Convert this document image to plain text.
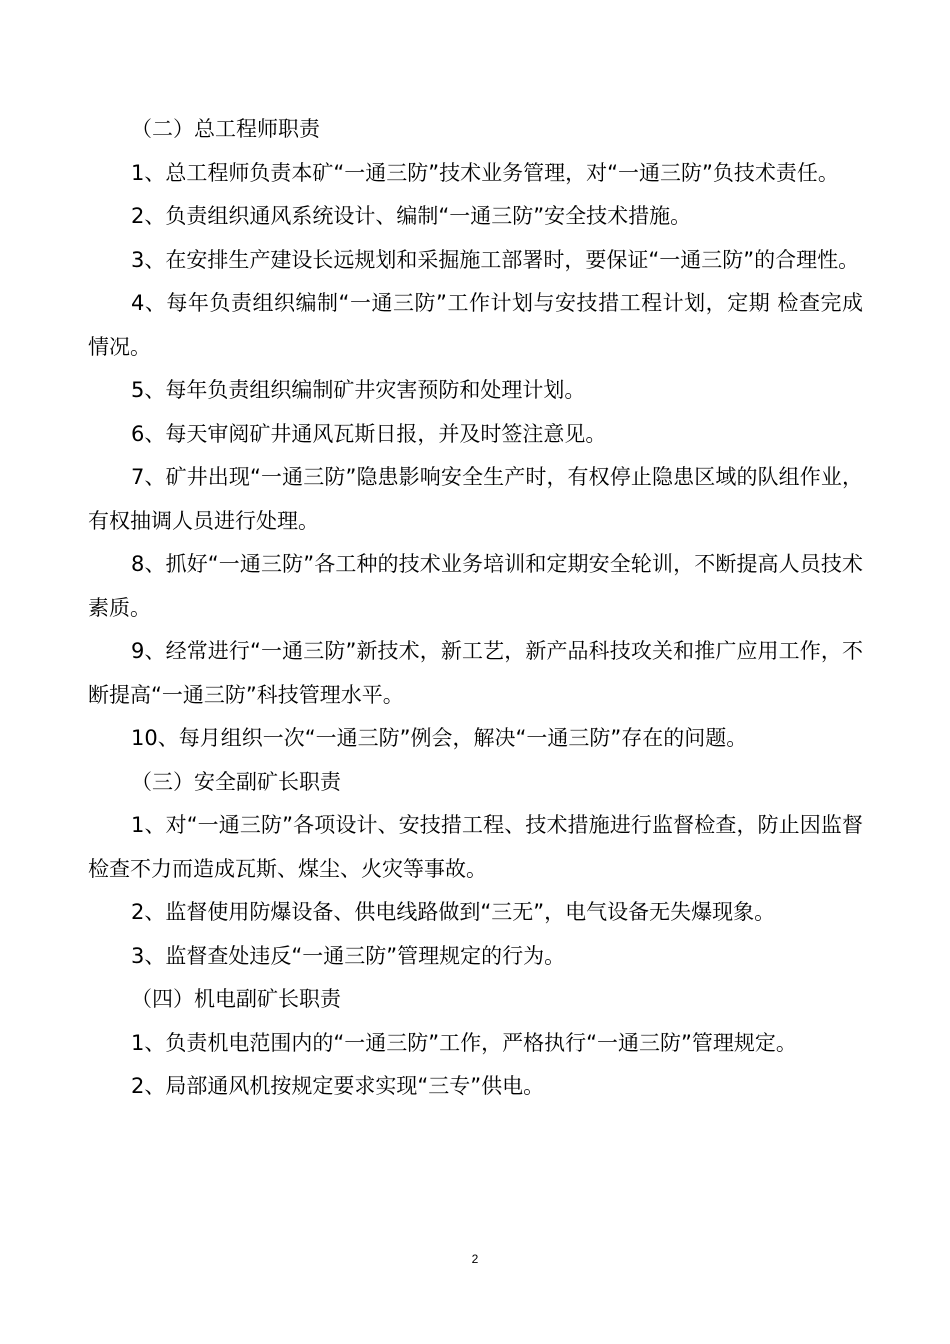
（二）总工程师职责

1、总工程师负责本矿“一通三防”技术业务管理，对“一通三防”负技术责任。

2、负责组织通风系统设计、编制“一通三防”安全技术措施。

3、在安排生产建设长远规划和采掘施工部署时，要保证“一通三防”的合理性。

4、每年负责组织编制“一通三防”工作计划与安技措工程计划，定期 检查完成情况。

5、每年负责组织编制矿井灾害预防和处理计划。

6、每天审阅矿井通风瓦斯日报，并及时签注意见。

7、矿井出现“一通三防”隐患影响安全生产时，有权停止隐患区域的队组作业，有权抽调人员进行处理。

8、抓好“一通三防”各工种的技术业务培训和定期安全轮训，不断提高人员技术素质。

9、经常进行“一通三防”新技术，新工艺，新产品科技攻关和推广应用工作，不断提高“一通三防”科技管理水平。

10、每月组织一次“一通三防”例会，解决“一通三防”存在的问题。

（三）安全副矿长职责

1、对“一通三防”各项设计、安技措工程、技术措施进行监督检查，防止因监督检查不力而造成瓦斯、煤尘、火灾等事故。

2、监督使用防爆设备、供电线路做到“三无”，电气设备无失爆现象。

3、监督查处违反“一通三防”管理规定的行为。

（四）机电副矿长职责

1、负责机电范围内的“一通三防”工作，严格执行“一通三防”管理规定。

2、局部通风机按规定要求实现“三专”供电。

2
